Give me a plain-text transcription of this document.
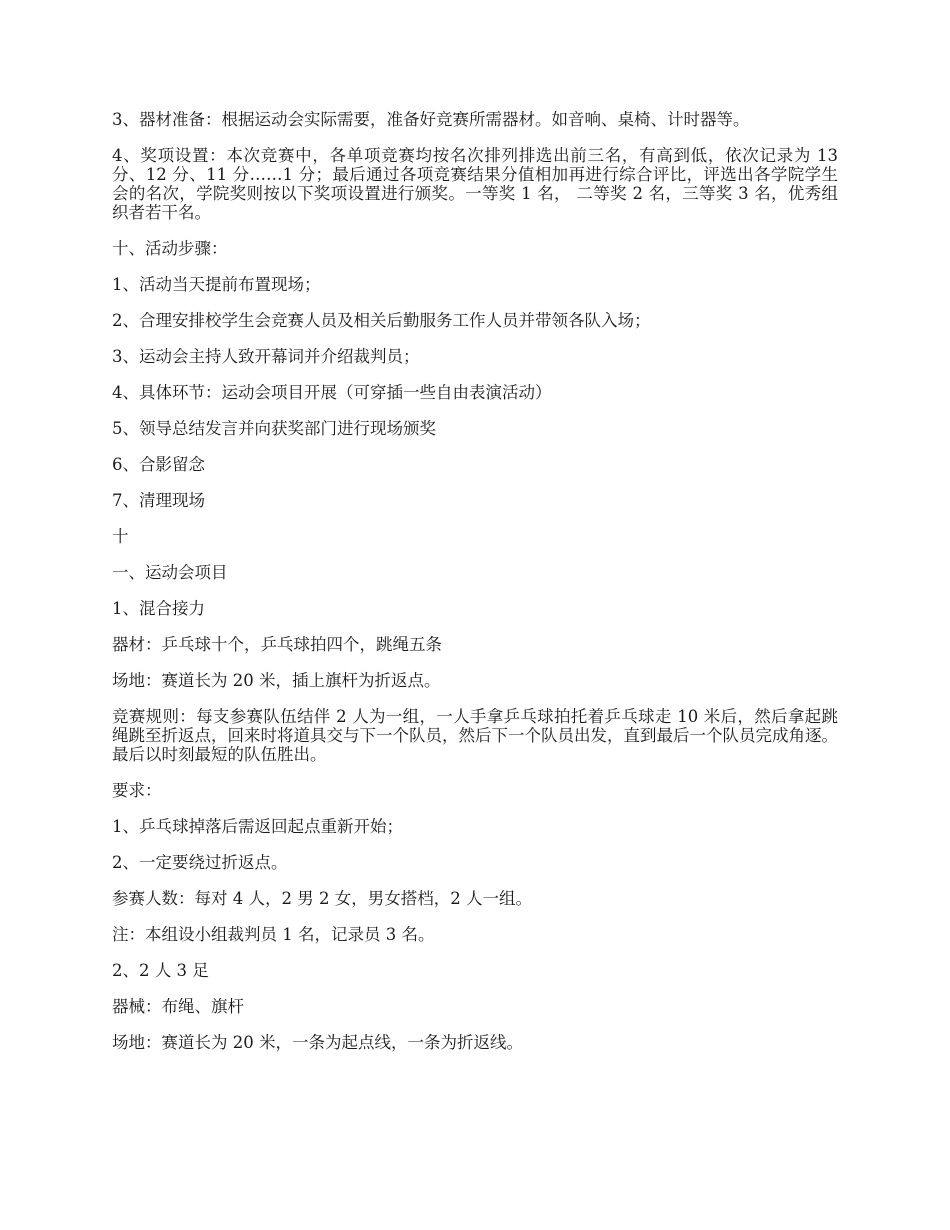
3、器材准备：根据运动会实际需要，准备好竞赛所需器材。如音响、桌椅、计时器等。

4、奖项设置：本次竞赛中，各单项竞赛均按名次排列排选出前三名，有高到低，依次记录为 13 分、12 分、11 分……1 分；最后通过各项竞赛结果分值相加再进行综合评比，评选出各学院学生会的名次，学院奖则按以下奖项设置进行颁奖。一等奖 1 名， 二等奖 2 名，三等奖 3 名，优秀组织者若干名。

十、活动步骤：

1、活动当天提前布置现场；

2、合理安排校学生会竞赛人员及相关后勤服务工作人员并带领各队入场；

3、运动会主持人致开幕词并介绍裁判员；

4、具体环节：运动会项目开展（可穿插一些自由表演活动）

5、领导总结发言并向获奖部门进行现场颁奖

6、合影留念

7、清理现场

十

一、运动会项目

1、混合接力

器材：乒乓球十个，乒乓球拍四个，跳绳五条

场地：赛道长为 20 米，插上旗杆为折返点。

竞赛规则：每支参赛队伍结伴 2 人为一组，一人手拿乒乓球拍托着乒乓球走 10 米后，然后拿起跳绳跳至折返点，回来时将道具交与下一个队员，然后下一个队员出发，直到最后一个队员完成角逐。 最后以时刻最短的队伍胜出。

要求：

1、乒乓球掉落后需返回起点重新开始；

2、一定要绕过折返点。

参赛人数：每对 4 人，2 男 2 女，男女搭档，2 人一组。

注：本组设小组裁判员 1 名，记录员 3 名。

2、2 人 3 足

器械：布绳、旗杆

场地：赛道长为 20 米，一条为起点线，一条为折返线。
